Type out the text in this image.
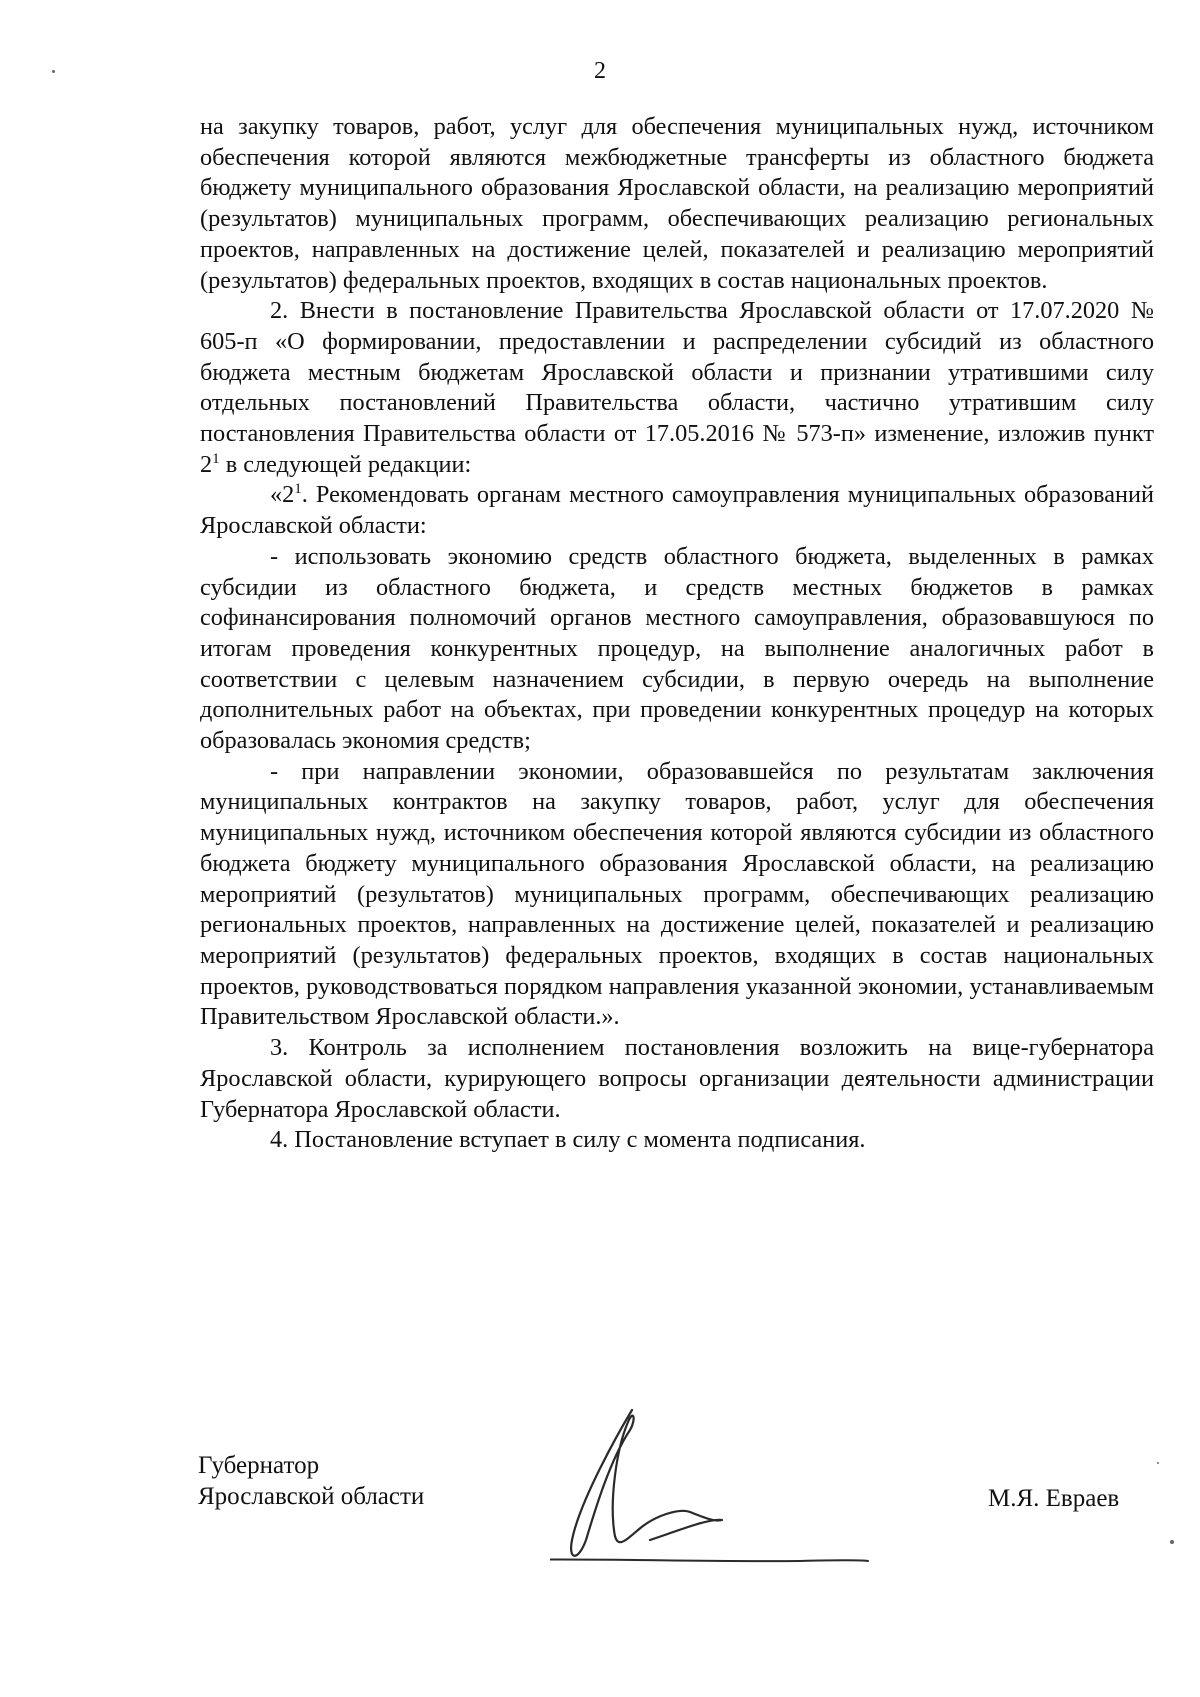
2

на закупку товаров, работ, услуг для обеспечения муниципальных нужд, источником обеспечения которой являются межбюджетные трансферты из областного бюджета бюджету муниципального образования Ярославской области, на реализацию мероприятий (результатов) муниципальных программ, обеспечивающих реализацию региональных проектов, направленных на достижение целей, показателей и реализацию мероприятий (результатов) федеральных проектов, входящих в состав национальных проектов.

2. Внести в постановление Правительства Ярославской области от 17.07.2020 № 605-п «О формировании, предоставлении и распределении субсидий из областного бюджета местным бюджетам Ярославской области и признании утратившими силу отдельных постановлений Правительства области, частично утратившим силу постановления Правительства области от 17.05.2016 № 573-п» изменение, изложив пункт $2^1$ в следующей редакции:

«$2^1$. Рекомендовать органам местного самоуправления муниципальных образований Ярославской области:

- использовать экономию средств областного бюджета, выделенных в рамках субсидии из областного бюджета, и средств местных бюджетов в рамках софинансирования полномочий органов местного самоуправления, образовавшуюся по итогам проведения конкурентных процедур, на выполнение аналогичных работ в соответствии с целевым назначением субсидии, в первую очередь на выполнение дополнительных работ на объектах, при проведении конкурентных процедур на которых образовалась экономия средств;

- при направлении экономии, образовавшейся по результатам заключения муниципальных контрактов на закупку товаров, работ, услуг для обеспечения муниципальных нужд, источником обеспечения которой являются субсидии из областного бюджета бюджету муниципального образования Ярославской области, на реализацию мероприятий (результатов) муниципальных программ, обеспечивающих реализацию региональных проектов, направленных на достижение целей, показателей и реализацию мероприятий (результатов) федеральных проектов, входящих в состав национальных проектов, руководствоваться порядком направления указанной экономии, устанавливаемым Правительством Ярославской области.».

3. Контроль за исполнением постановления возложить на вице-губернатора Ярославской области, курирующего вопросы организации деятельности администрации Губернатора Ярославской области.

4. Постановление вступает в силу с момента подписания.

Губернатор
Ярославской области	М.Я. Евраев
